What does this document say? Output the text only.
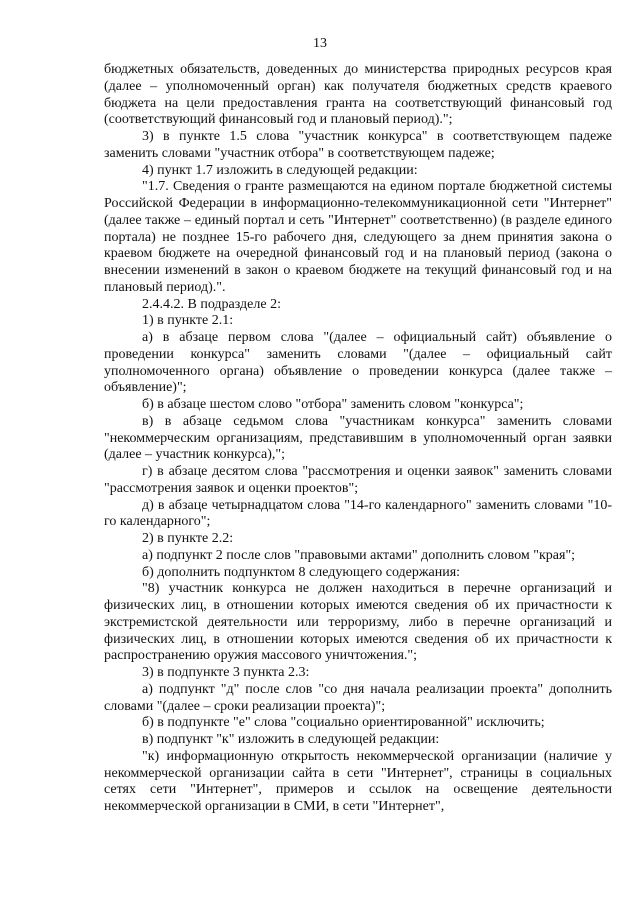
13

бюджетных обязательств, доведенных до министерства природных ресурсов края (далее – уполномоченный орган) как получателя бюджетных средств краевого бюджета на цели предоставления гранта на соответствующий финансовый год (соответствующий финансовый год и плановый период).";

3) в пункте 1.5 слова "участник конкурса" в соответствующем падеже заменить словами "участник отбора" в соответствующем падеже;

4) пункт 1.7 изложить в следующей редакции:

"1.7. Сведения о гранте размещаются на едином портале бюджетной системы Российской Федерации в информационно-телекоммуникационной сети "Интернет" (далее также – единый портал и сеть "Интернет" соответственно) (в разделе единого портала) не позднее 15-го рабочего дня, следующего за днем принятия закона о краевом бюджете на очередной финансовый год и на плановый период (закона о внесении изменений в закон о краевом бюджете на текущий финансовый год и на плановый период).".

2.4.4.2. В подразделе 2:

1) в пункте 2.1:

а) в абзаце первом слова "(далее – официальный сайт) объявление о проведении конкурса" заменить словами "(далее – официальный сайт уполномоченного органа) объявление о проведении конкурса (далее также – объявление)";

б) в абзаце шестом слово "отбора" заменить словом "конкурса";

в) в абзаце седьмом слова "участникам конкурса" заменить словами "некоммерческим организациям, представившим в уполномоченный орган заявки (далее – участник конкурса),";

г) в абзаце десятом слова "рассмотрения и оценки заявок" заменить словами "рассмотрения заявок и оценки проектов";

д) в абзаце четырнадцатом слова "14-го календарного" заменить словами "10-го календарного";

2) в пункте 2.2:

а) подпункт 2 после слов "правовыми актами" дополнить словом "края";

б) дополнить подпунктом 8 следующего содержания:

"8) участник конкурса не должен находиться в перечне организаций и физических лиц, в отношении которых имеются сведения об их причастности к экстремистской деятельности или терроризму, либо в перечне организаций и физических лиц, в отношении которых имеются сведения об их причастности к распространению оружия массового уничтожения.";

3) в подпункте 3 пункта 2.3:

а) подпункт "д" после слов "со дня начала реализации проекта" дополнить словами "(далее – сроки реализации проекта)";

б) в подпункте "е" слова "социально ориентированной" исключить;

в) подпункт "к" изложить в следующей редакции:

"к) информационную открытость некоммерческой организации (наличие у некоммерческой организации сайта в сети "Интернет", страницы в социальных сетях сети "Интернет", примеров и ссылок на освещение деятельности некоммерческой организации в СМИ, в сети "Интернет",
